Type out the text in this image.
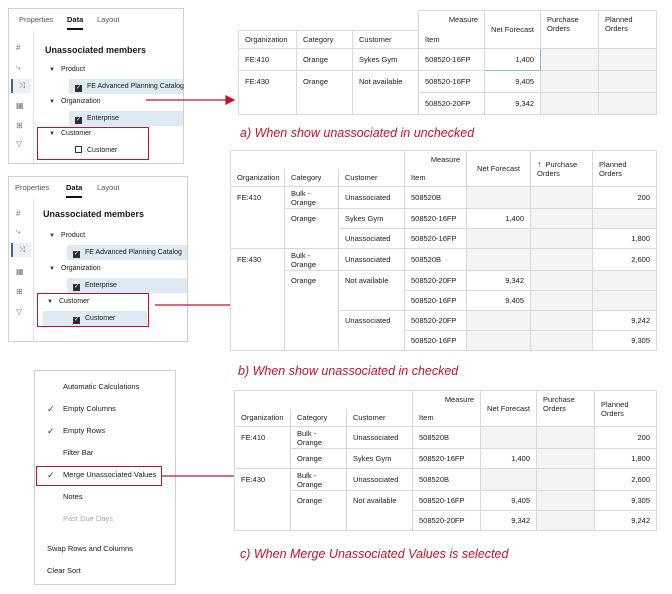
Properties Data Layout
#
⤷
⤨
▦
⊞
▽
Unassociated members
▼ Product
✓ FE Advanced Planning Catalog
▼ Organization
✓ Enterprise
▼ Customer
Customer
Properties Data Layout
#
⤷
⤨
▦
⊞
▽
Unassociated members
▼ Product
✓ FE Advanced Planning Catalog
▼ Organization
✓ Enterprise
▼ Customer
✓ Customer
Automatic Calculations
✓ Empty Columns
✓ Empty Rows
Filter Bar
✓ Merge Unassociated Values
Notes
Past Due Days
Swap Rows and Columns
Clear Sort
			Measure	Net Forecast	Purchase Orders	Planned Orders
Organization	Category	Customer	Item			
FE:410	Orange	Sykes Gym	508520-16FP	1,400		
FE:430	Orange	Not available	508520-16FP	9,405		
			508520-20FP	9,342		
a) When show unassociated in unchecked
			Measure	Net Forecast	↑ Purchase Orders	Planned Orders
Organization	Category	Customer	Item			
FE:410	Bulk - Orange	Unassociated	508520B			200
	Orange	Sykes Gym	508520-16FP	1,400		
		Unassociated	508520-16FP			1,800
FE:430	Bulk - Orange	Unassociated	508520B			2,600
	Orange	Not available	508520-20FP	9,342		
			508520-16FP	9,405		
		Unassociated	508520-20FP			9,242
			508520-16FP			9,305
b) When show unassociated in checked
			Measure	Net Forecast	Purchase Orders	Planned Orders
Organization	Category	Customer	Item			
FE:410	Bulk - Orange	Unassociated	508520B			200
	Orange	Sykes Gym	508520-16FP	1,400		1,800
FE:430	Bulk - Orange	Unassociated	508520B			2,600
	Orange	Not available	508520-16FP	9,405		9,305
			508520-20FP	9,342		9,242
c) When Merge Unassociated Values is selected
